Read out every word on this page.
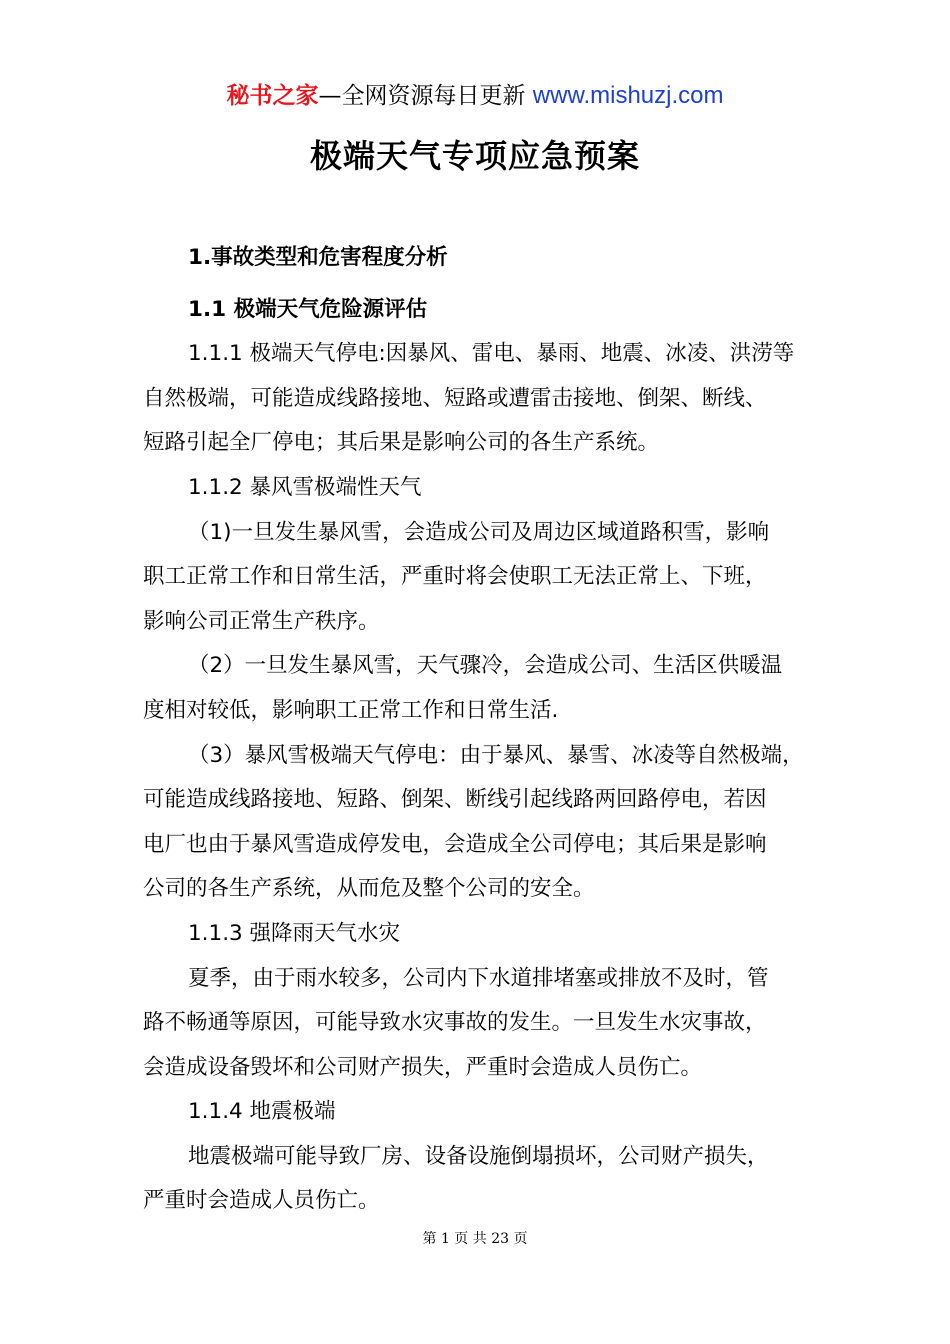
秘书之家—全网资源每日更新 www.mishuzj.com
极端天气专项应急预案
1.事故类型和危害程度分析
1.1 极端天气危险源评估
1.1.1 极端天气停电:因暴风、雷电、暴雨、地震、冰凌、洪涝等
自然极端，可能造成线路接地、短路或遭雷击接地、倒架、断线、
短路引起全厂停电；其后果是影响公司的各生产系统。
1.1.2 暴风雪极端性天气
（1)一旦发生暴风雪，会造成公司及周边区域道路积雪，影响
职工正常工作和日常生活，严重时将会使职工无法正常上、下班，
影响公司正常生产秩序。
（2）一旦发生暴风雪，天气骤冷，会造成公司、生活区供暖温
度相对较低，影响职工正常工作和日常生活.
（3）暴风雪极端天气停电：由于暴风、暴雪、冰凌等自然极端，
可能造成线路接地、短路、倒架、断线引起线路两回路停电，若因
电厂也由于暴风雪造成停发电，会造成全公司停电；其后果是影响
公司的各生产系统，从而危及整个公司的安全。
1.1.3 强降雨天气水灾
夏季，由于雨水较多，公司内下水道排堵塞或排放不及时，管
路不畅通等原因，可能导致水灾事故的发生。一旦发生水灾事故，
会造成设备毁坏和公司财产损失，严重时会造成人员伤亡。
1.1.4 地震极端
地震极端可能导致厂房、设备设施倒塌损坏，公司财产损失，
严重时会造成人员伤亡。
第 1 页 共 23 页
